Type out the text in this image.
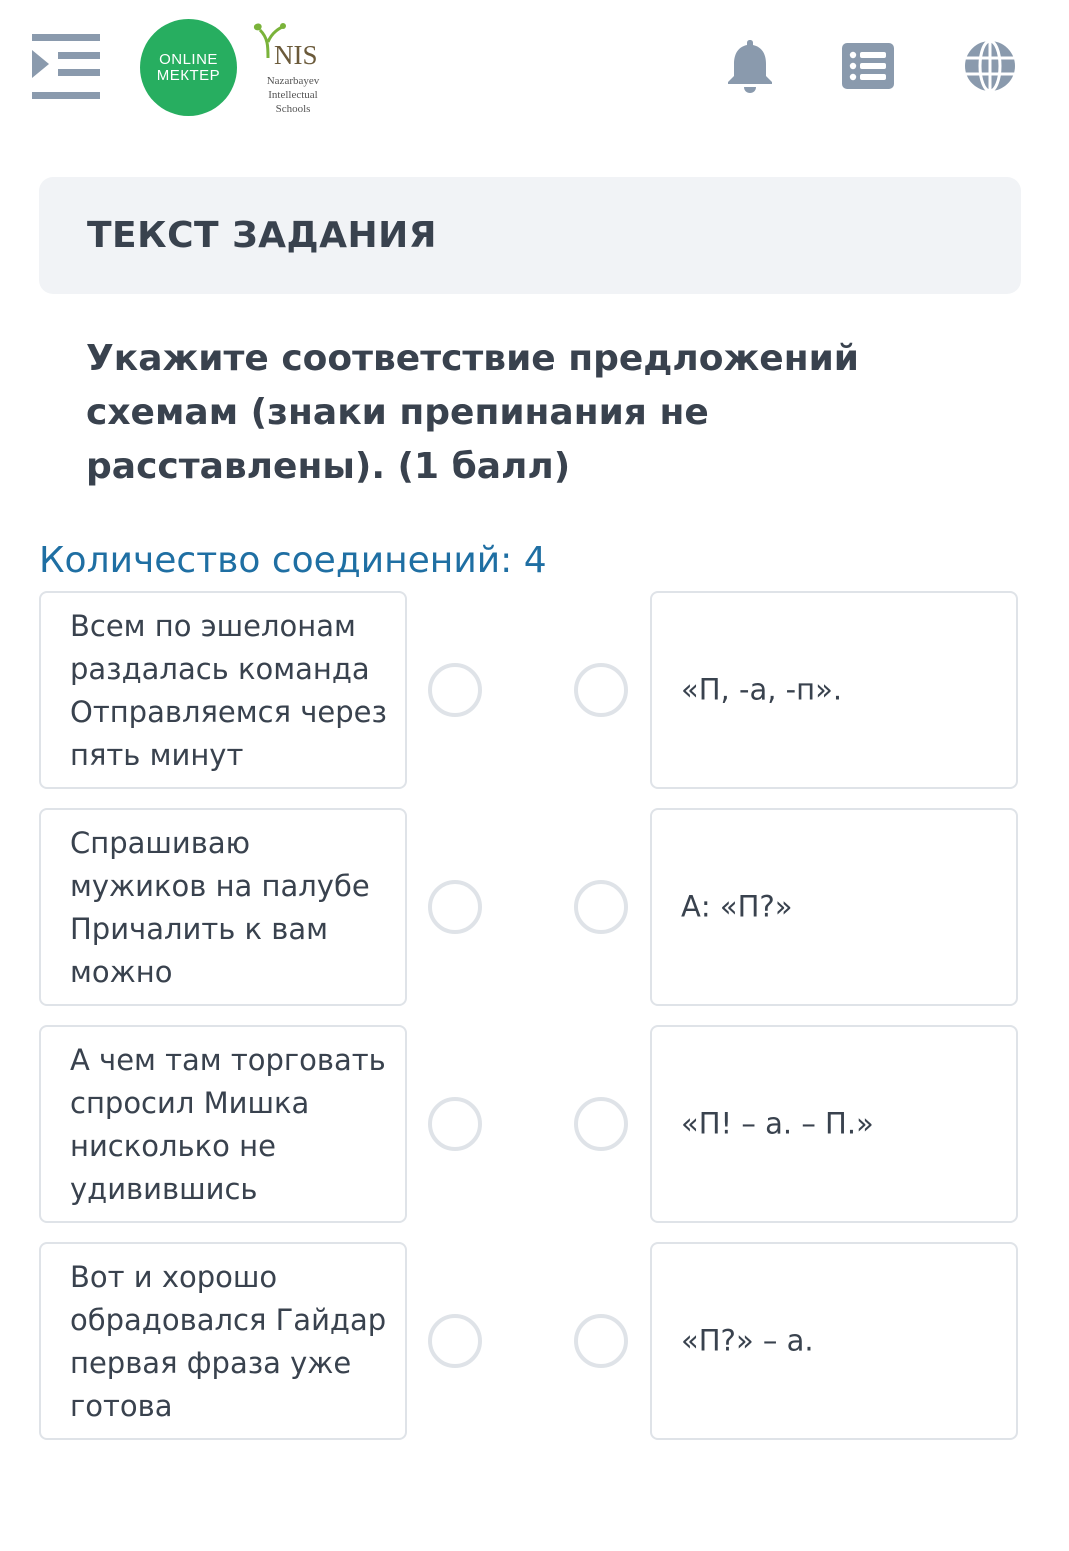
ONLINE
МЕКТЕР
NIS
Nazarbayev
Intellectual
Schools
ТЕКСТ ЗАДАНИЯ

Укажите соответствие предложений схемам (знаки препинания не расставлены). (1 балл)

Количество соединений: 4

Всем по эшелонам раздалась команда Отправляемся через пять минут
«П, -а, -п».
Спрашиваю мужиков на палубе Причалить к вам можно
А: «П?»
А чем там торговать спросил Мишка нисколько не удивившись
«П! – а. – П.»
Вот и хорошо обрадовался Гайдар первая фраза уже готова
«П?» – а.
